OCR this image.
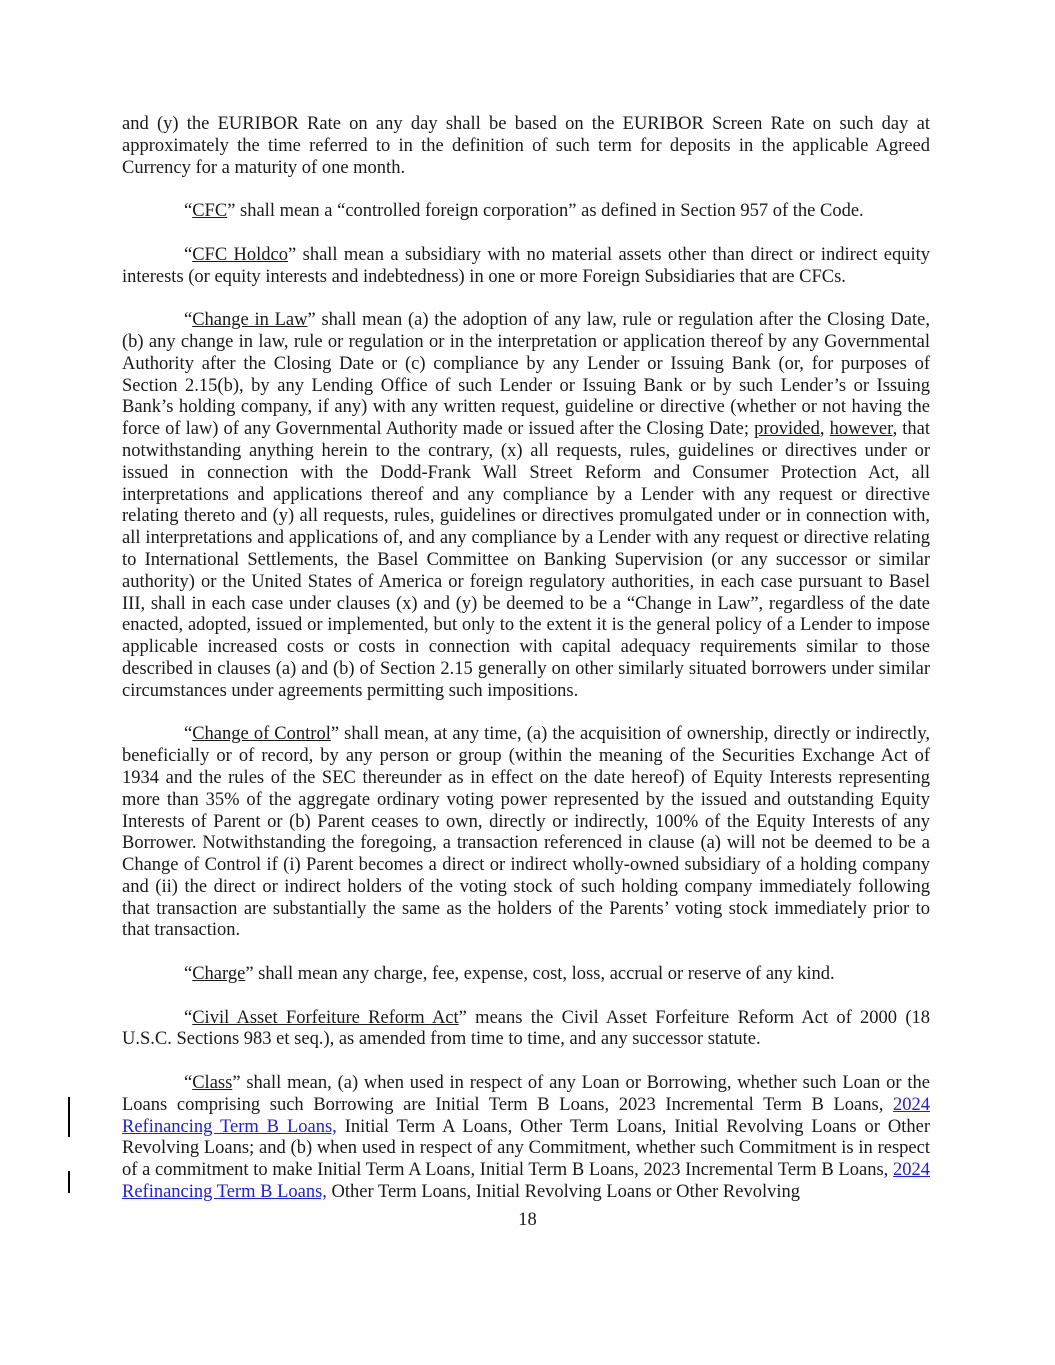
and (y) the EURIBOR Rate on any day shall be based on the EURIBOR Screen Rate on such day at approximately the time referred to in the definition of such term for deposits in the applicable Agreed Currency for a maturity of one month.

“CFC” shall mean a “controlled foreign corporation” as defined in Section 957 of the Code.

“CFC Holdco” shall mean a subsidiary with no material assets other than direct or indirect equity interests (or equity interests and indebtedness) in one or more Foreign Subsidiaries that are CFCs.

“Change in Law” shall mean (a) the adoption of any law, rule or regulation after the Closing Date, (b) any change in law, rule or regulation or in the interpretation or application thereof by any Governmental Authority after the Closing Date or (c) compliance by any Lender or Issuing Bank (or, for purposes of Section 2.15(b), by any Lending Office of such Lender or Issuing Bank or by such Lender’s or Issuing Bank’s holding company, if any) with any written request, guideline or directive (whether or not having the force of law) of any Governmental Authority made or issued after the Closing Date; provided, however, that notwithstanding anything herein to the contrary, (x) all requests, rules, guidelines or directives under or issued in connection with the Dodd-Frank Wall Street Reform and Consumer Protection Act, all interpretations and applications thereof and any compliance by a Lender with any request or directive relating thereto and (y) all requests, rules, guidelines or directives promulgated under or in connection with, all interpretations and applications of, and any compliance by a Lender with any request or directive relating to International Settlements, the Basel Committee on Banking Supervision (or any successor or similar authority) or the United States of America or foreign regulatory authorities, in each case pursuant to Basel III, shall in each case under clauses (x) and (y) be deemed to be a “Change in Law”, regardless of the date enacted, adopted, issued or implemented, but only to the extent it is the general policy of a Lender to impose applicable increased costs or costs in connection with capital adequacy requirements similar to those described in clauses (a) and (b) of Section 2.15 generally on other similarly situated borrowers under similar circumstances under agreements permitting such impositions.

“Change of Control” shall mean, at any time, (a) the acquisition of ownership, directly or indirectly, beneficially or of record, by any person or group (within the meaning of the Securities Exchange Act of 1934 and the rules of the SEC thereunder as in effect on the date hereof) of Equity Interests representing more than 35% of the aggregate ordinary voting power represented by the issued and outstanding Equity Interests of Parent or (b) Parent ceases to own, directly or indirectly, 100% of the Equity Interests of any Borrower. Notwithstanding the foregoing, a transaction referenced in clause (a) will not be deemed to be a Change of Control if (i) Parent becomes a direct or indirect wholly-owned subsidiary of a holding company and (ii) the direct or indirect holders of the voting stock of such holding company immediately following that transaction are substantially the same as the holders of the Parents’ voting stock immediately prior to that transaction.

“Charge” shall mean any charge, fee, expense, cost, loss, accrual or reserve of any kind.

“Civil Asset Forfeiture Reform Act” means the Civil Asset Forfeiture Reform Act of 2000 (18 U.S.C. Sections 983 et seq.), as amended from time to time, and any successor statute.

“Class” shall mean, (a) when used in respect of any Loan or Borrowing, whether such Loan or the Loans comprising such Borrowing are Initial Term B Loans, 2023 Incremental Term B Loans, 2024 Refinancing Term B Loans, Initial Term A Loans, Other Term Loans, Initial Revolving Loans or Other Revolving Loans; and (b) when used in respect of any Commitment, whether such Commitment is in respect of a commitment to make Initial Term A Loans, Initial Term B Loans, 2023 Incremental Term B Loans, 2024 Refinancing Term B Loans, Other Term Loans, Initial Revolving Loans or Other Revolving

18
